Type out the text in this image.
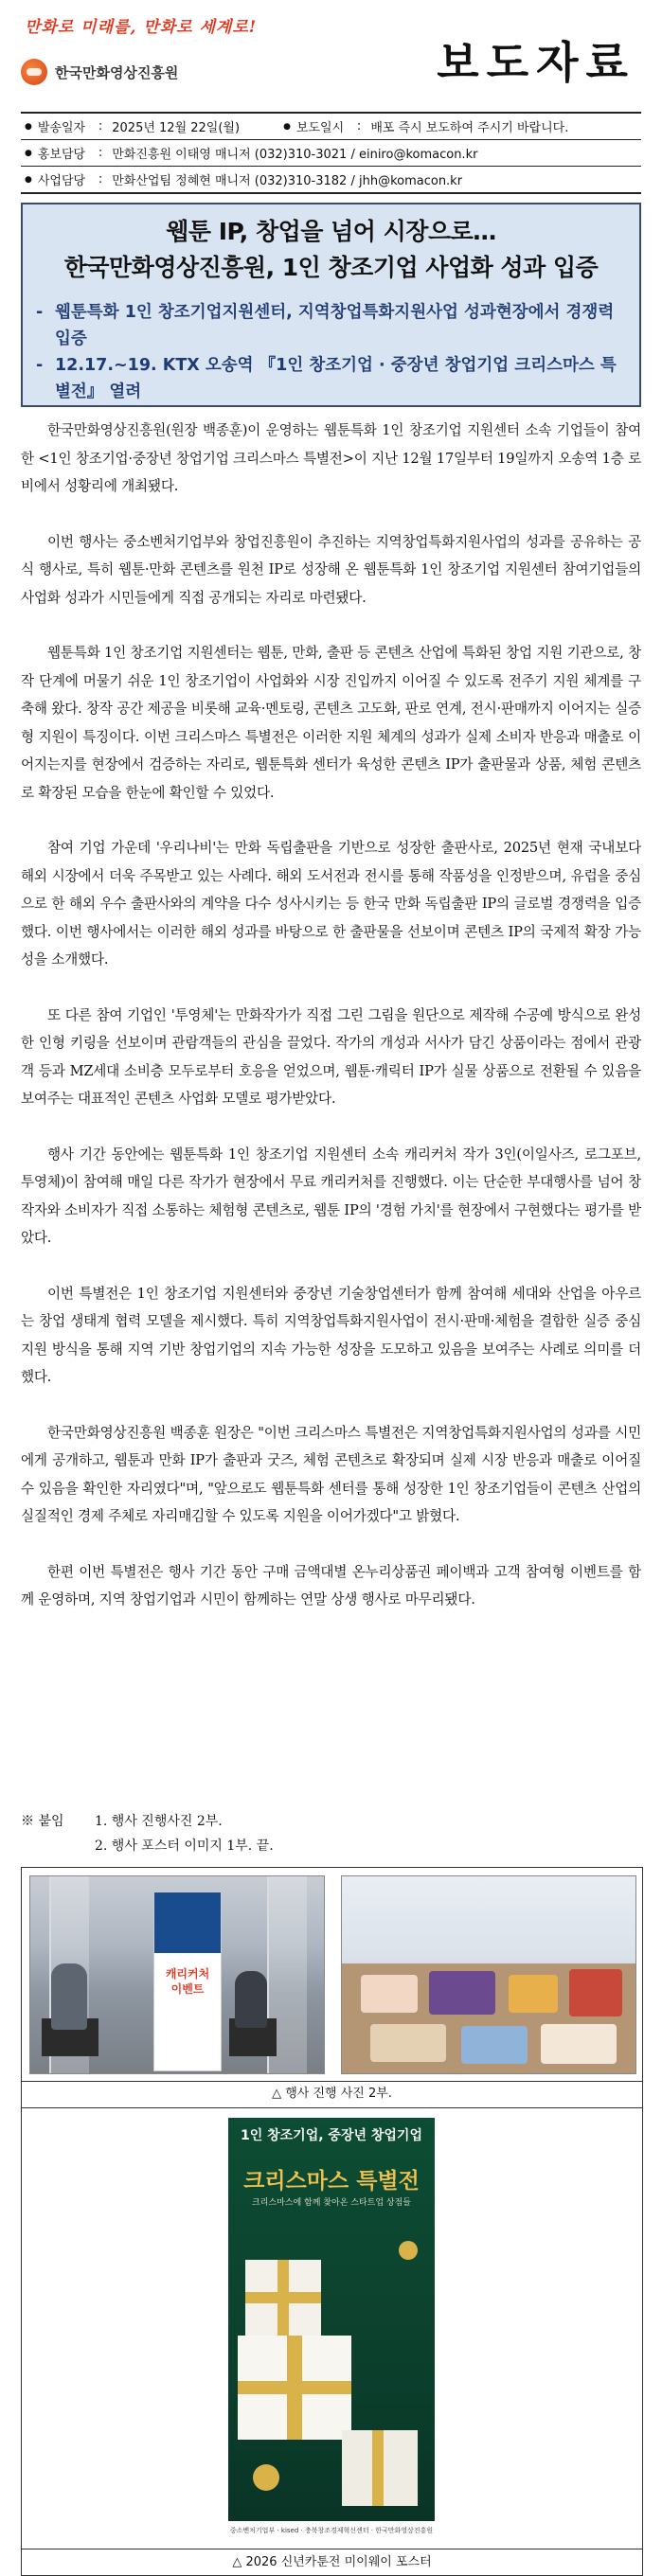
만화로 미래를, 만화로 세계로!
한국만화영상진흥원	보도자료
● 발송일자	: 2025년 12월 22일(월)	● 보도일시	: 배포 즉시 보도하여 주시기 바랍니다.
● 홍보담당	: 만화진흥원 이태영 매니저 (032)310-3021 / einiro@komacon.kr
● 사업담당	: 만화산업팀 정혜현 매니저 (032)310-3182 / jhh@komacon.kr
웹툰 IP, 창업을 넘어 시장으로…
한국만화영상진흥원, 1인 창조기업 사업화 성과 입증
- 웹툰특화 1인 창조기업지원센터, 지역창업특화지원사업 성과현장에서 경쟁력 입증
- 12.17.~19. KTX 오송역 『1인 창조기업 · 중장년 창업기업 크리스마스 특별전』 열려

한국만화영상진흥원(원장 백종훈)이 운영하는 웹툰특화 1인 창조기업 지원센터 소속 기업들이 참여한 <1인 창조기업·중장년 창업기업 크리스마스 특별전>이 지난 12월 17일부터 19일까지 오송역 1층 로비에서 성황리에 개최됐다.

이번 행사는 중소벤처기업부와 창업진흥원이 추진하는 지역창업특화지원사업의 성과를 공유하는 공식 행사로, 특히 웹툰·만화 콘텐츠를 원천 IP로 성장해 온 웹툰특화 1인 창조기업 지원센터 참여기업들의 사업화 성과가 시민들에게 직접 공개되는 자리로 마련됐다.

웹툰특화 1인 창조기업 지원센터는 웹툰, 만화, 출판 등 콘텐츠 산업에 특화된 창업 지원 기관으로, 창작 단계에 머물기 쉬운 1인 창조기업이 사업화와 시장 진입까지 이어질 수 있도록 전주기 지원 체계를 구축해 왔다. 창작 공간 제공을 비롯해 교육·멘토링, 콘텐츠 고도화, 판로 연계, 전시·판매까지 이어지는 실증형 지원이 특징이다. 이번 크리스마스 특별전은 이러한 지원 체계의 성과가 실제 소비자 반응과 매출로 이어지는지를 현장에서 검증하는 자리로, 웹툰특화 센터가 육성한 콘텐츠 IP가 출판물과 상품, 체험 콘텐츠로 확장된 모습을 한눈에 확인할 수 있었다.

참여 기업 가운데 '우리나비'는 만화 독립출판을 기반으로 성장한 출판사로, 2025년 현재 국내보다 해외 시장에서 더욱 주목받고 있는 사례다. 해외 도서전과 전시를 통해 작품성을 인정받으며, 유럽을 중심으로 한 해외 우수 출판사와의 계약을 다수 성사시키는 등 한국 만화 독립출판 IP의 글로벌 경쟁력을 입증했다. 이번 행사에서는 이러한 해외 성과를 바탕으로 한 출판물을 선보이며 콘텐츠 IP의 국제적 확장 가능성을 소개했다.

또 다른 참여 기업인 '투영체'는 만화작가가 직접 그린 그림을 원단으로 제작해 수공예 방식으로 완성한 인형 키링을 선보이며 관람객들의 관심을 끌었다. 작가의 개성과 서사가 담긴 상품이라는 점에서 관광객 등과 MZ세대 소비층 모두로부터 호응을 얻었으며, 웹툰·캐릭터 IP가 실물 상품으로 전환될 수 있음을 보여주는 대표적인 콘텐츠 사업화 모델로 평가받았다.

행사 기간 동안에는 웹툰특화 1인 창조기업 지원센터 소속 캐리커처 작가 3인(이일사즈, 로그포브, 투영체)이 참여해 매일 다른 작가가 현장에서 무료 캐리커처를 진행했다. 이는 단순한 부대행사를 넘어 창작자와 소비자가 직접 소통하는 체험형 콘텐츠로, 웹툰 IP의 '경험 가치'를 현장에서 구현했다는 평가를 받았다.

이번 특별전은 1인 창조기업 지원센터와 중장년 기술창업센터가 함께 참여해 세대와 산업을 아우르는 창업 생태계 협력 모델을 제시했다. 특히 지역창업특화지원사업이 전시·판매·체험을 결합한 실증 중심 지원 방식을 통해 지역 기반 창업기업의 지속 가능한 성장을 도모하고 있음을 보여주는 사례로 의미를 더했다.

한국만화영상진흥원 백종훈 원장은 "이번 크리스마스 특별전은 지역창업특화지원사업의 성과를 시민에게 공개하고, 웹툰과 만화 IP가 출판과 굿즈, 체험 콘텐츠로 확장되며 실제 시장 반응과 매출로 이어질 수 있음을 확인한 자리였다"며, "앞으로도 웹툰특화 센터를 통해 성장한 1인 창조기업들이 콘텐츠 산업의 실질적인 경제 주체로 자리매김할 수 있도록 지원을 이어가겠다"고 밝혔다.

한편 이번 특별전은 행사 기간 동안 구매 금액대별 온누리상품권 페이백과 고객 참여형 이벤트를 함께 운영하며, 지역 창업기업과 시민이 함께하는 연말 상생 행사로 마무리됐다.

※ 붙임	1. 행사 진행사진 2부.
2. 행사 포스터 이미지 1부. 끝.
캐리커처 이벤트
△ 행사 진행 사진 2부.
1인 창조기업, 중장년 창업기업
크리스마스 특별전
크리스마스에 함께 찾아온 스타트업 상점들
중소벤처기업부 · kised · 충북창조경제혁신센터 · 한국만화영상진흥원
△ 2026 신년카툰전 미이웨이 포스터
